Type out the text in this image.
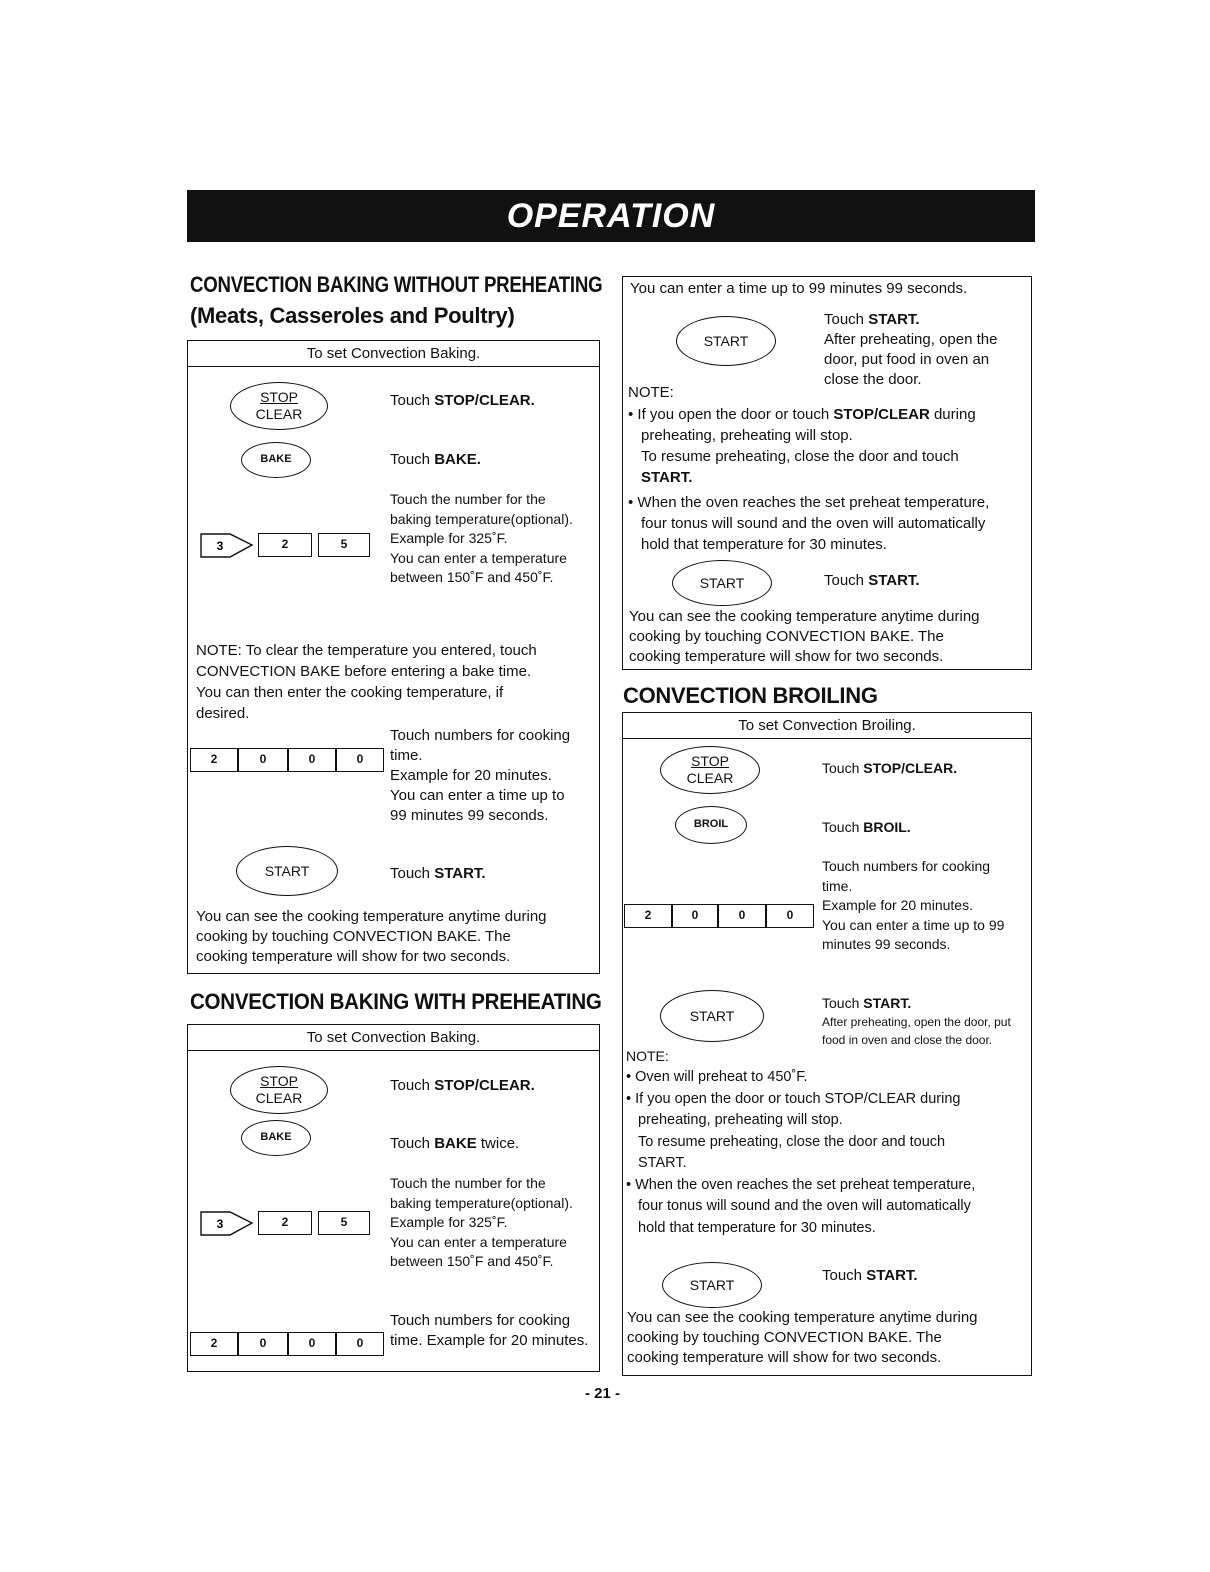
OPERATION
CONVECTION BAKING WITHOUT PREHEATING
(Meats, Casseroles and Poultry)
To set Convection Baking.
STOP
CLEAR
Touch STOP/CLEAR.
BAKE	Touch BAKE.
3	2	5
Touch the number for the
baking temperature(optional).
Example for 325˚F.
You can enter a temperature
between 150˚F and 450˚F.
NOTE: To clear the temperature you entered, touch
CONVECTION BAKE before entering a bake time.
You can then enter the cooking temperature, if
desired.
2	0	0	0
Touch numbers for cooking
time.
Example for 20 minutes.
You can enter a time up to
99 minutes 99 seconds.
START	Touch START.
You can see the cooking temperature anytime during
cooking by touching CONVECTION BAKE. The
cooking temperature will show for two seconds.
CONVECTION BAKING WITH PREHEATING
To set Convection Baking.
STOP
CLEAR
Touch STOP/CLEAR.
BAKE	Touch BAKE twice.
3	2	5
Touch the number for the
baking temperature(optional).
Example for 325˚F.
You can enter a temperature
between 150˚F and 450˚F.
2	0	0	0
Touch numbers for cooking
time. Example for 20 minutes.
You can enter a time up to 99 minutes 99 seconds.
START
Touch START.
After preheating, open the
door, put food in oven an
close the door.
NOTE:
• If you open the door or touch STOP/CLEAR during
preheating, preheating will stop.
To resume preheating, close the door and touch
START.
• When the oven reaches the set preheat temperature,
four tonus will sound and the oven will automatically
hold that temperature for 30 minutes.
START	Touch START.
You can see the cooking temperature anytime during
cooking by touching CONVECTION BAKE. The
cooking temperature will show for two seconds.
CONVECTION BROILING
To set Convection Broiling.
STOP
CLEAR
Touch STOP/CLEAR.
BROIL	Touch BROIL.
2	0	0	0
Touch numbers for cooking
time.
Example for 20 minutes.
You can enter a time up to 99
minutes 99 seconds.
START
Touch START.
After preheating, open the door, put
food in oven and close the door.
NOTE:
• Oven will preheat to 450˚F.
• If you open the door or touch STOP/CLEAR during
preheating, preheating will stop.
To resume preheating, close the door and touch
START.
• When the oven reaches the set preheat temperature,
four tonus will sound and the oven will automatically
hold that temperature for 30 minutes.
START
Touch START.
You can see the cooking temperature anytime during
cooking by touching CONVECTION BAKE. The
cooking temperature will show for two seconds.
- 21 -
